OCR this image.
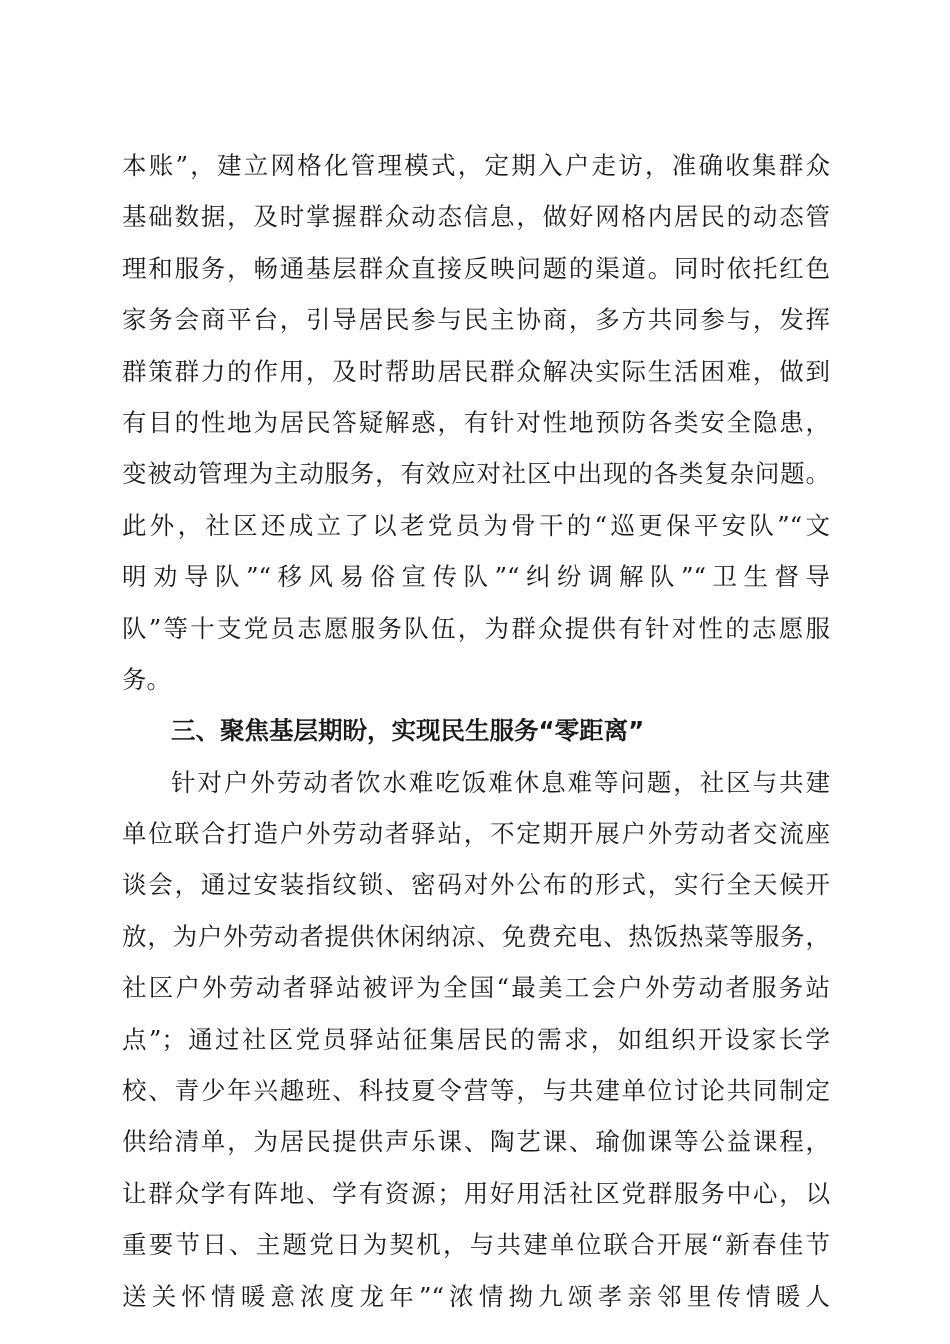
本账”，建立网格化管理模式，定期入户走访，准确收集群众
基础数据，及时掌握群众动态信息，做好网格内居民的动态管
理和服务，畅通基层群众直接反映问题的渠道。同时依托红色
家务会商平台，引导居民参与民主协商，多方共同参与，发挥
群策群力的作用，及时帮助居民群众解决实际生活困难，做到
有目的性地为居民答疑解惑，有针对性地预防各类安全隐患，
变被动管理为主动服务，有效应对社区中出现的各类复杂问题。
此外，社区还成立了以老党员为骨干的“巡更保平安队”“文
明劝导队”“移风易俗宣传队”“纠纷调解队”“卫生督导
队”等十支党员志愿服务队伍，为群众提供有针对性的志愿服
务。
三、聚焦基层期盼，实现民生服务“零距离”
针对户外劳动者饮水难吃饭难休息难等问题，社区与共建
单位联合打造户外劳动者驿站，不定期开展户外劳动者交流座
谈会，通过安装指纹锁、密码对外公布的形式，实行全天候开
放，为户外劳动者提供休闲纳凉、免费充电、热饭热菜等服务，
社区户外劳动者驿站被评为全国“最美工会户外劳动者服务站
点”；通过社区党员驿站征集居民的需求，如组织开设家长学
校、青少年兴趣班、科技夏令营等，与共建单位讨论共同制定
供给清单，为居民提供声乐课、陶艺课、瑜伽课等公益课程，
让群众学有阵地、学有资源；用好用活社区党群服务中心，以
重要节日、主题党日为契机，与共建单位联合开展“新春佳节
送关怀情暖意浓度龙年”“浓情拗九颂孝亲邻里传情暖人
